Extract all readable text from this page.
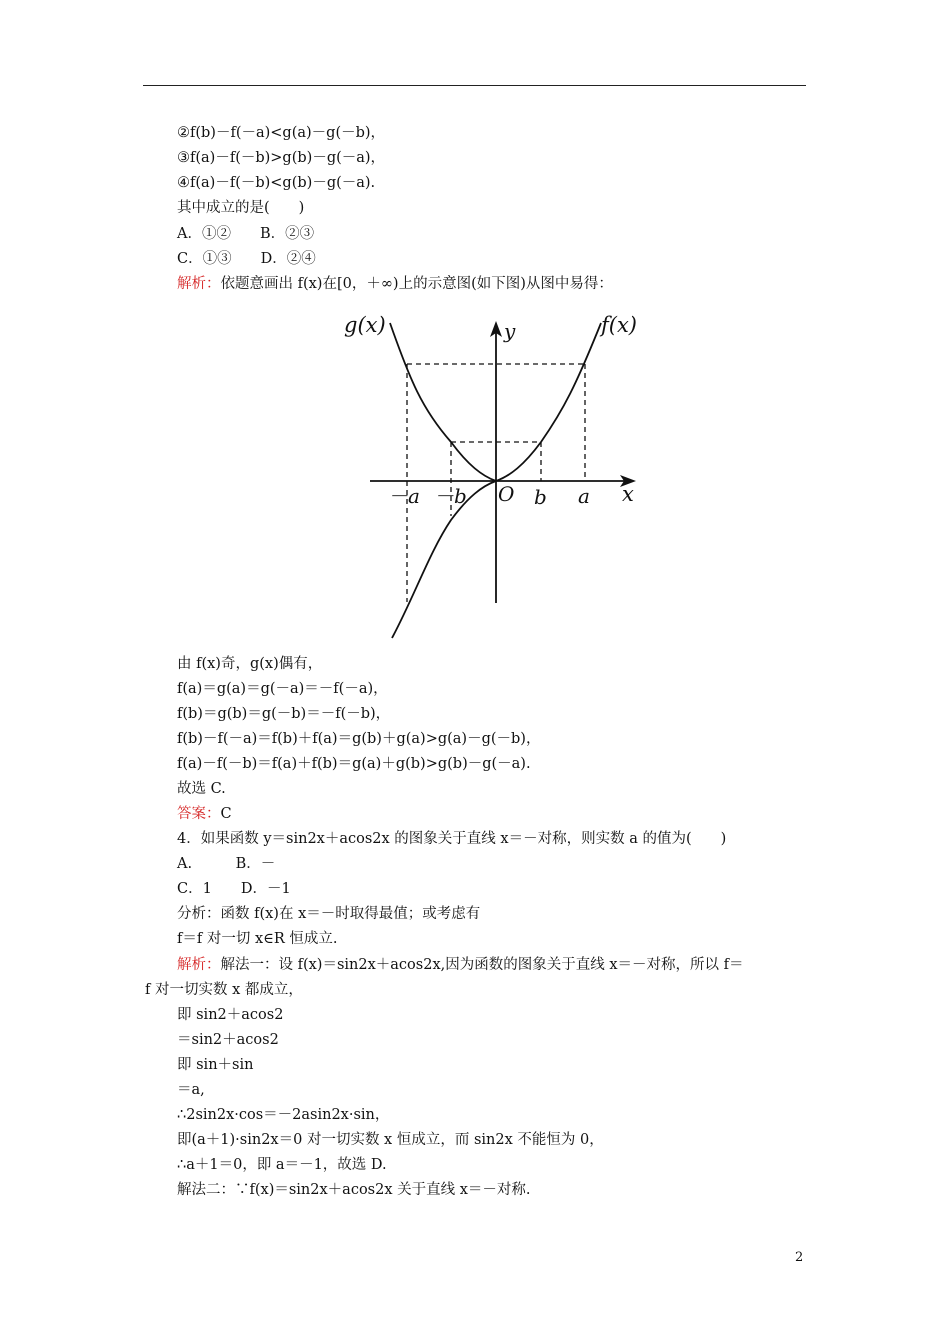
②f(b)－f(－a)<g(a)－g(－b)，
③f(a)－f(－b)>g(b)－g(－a)，
④f(a)－f(－b)<g(b)－g(－a).
其中成立的是(　　)
A．①②　　B．②③
C．①③　　D．②④
解析：依题意画出 f(x)在[0，＋∞)上的示意图(如下图)从图中易得：
g(x)	f(x)
y
x
O
－a －b	b a
由 f(x)奇，g(x)偶有，
f(a)＝g(a)＝g(－a)＝－f(－a)，
f(b)＝g(b)＝g(－b)＝－f(－b)，
f(b)－f(－a)＝f(b)＋f(a)＝g(b)＋g(a)>g(a)－g(－b)，
f(a)－f(－b)＝f(a)＋f(b)＝g(a)＋g(b)>g(b)－g(－a).
故选 C.
答案：C
4．如果函数 y＝sin2x＋acos2x 的图象关于直线 x＝－对称，则实数 a 的值为(　　)
A.　　　B．－
C．1　　D．－1
分析：函数 f(x)在 x＝－时取得最值；或考虑有
f＝f 对一切 x∈R 恒成立.
解析：解法一：设 f(x)＝sin2x＋acos2x,因为函数的图象关于直线 x＝－对称，所以 f＝
f 对一切实数 x 都成立，
即 sin2＋acos2
＝sin2＋acos2
即 sin＋sin
＝a,
∴2sin2x·cos＝－2asin2x·sin，
即(a＋1)·sin2x＝0 对一切实数 x 恒成立，而 sin2x 不能恒为 0，
∴a＋1＝0，即 a＝－1，故选 D.
解法二：∵f(x)＝sin2x＋acos2x 关于直线 x＝－对称.
2
